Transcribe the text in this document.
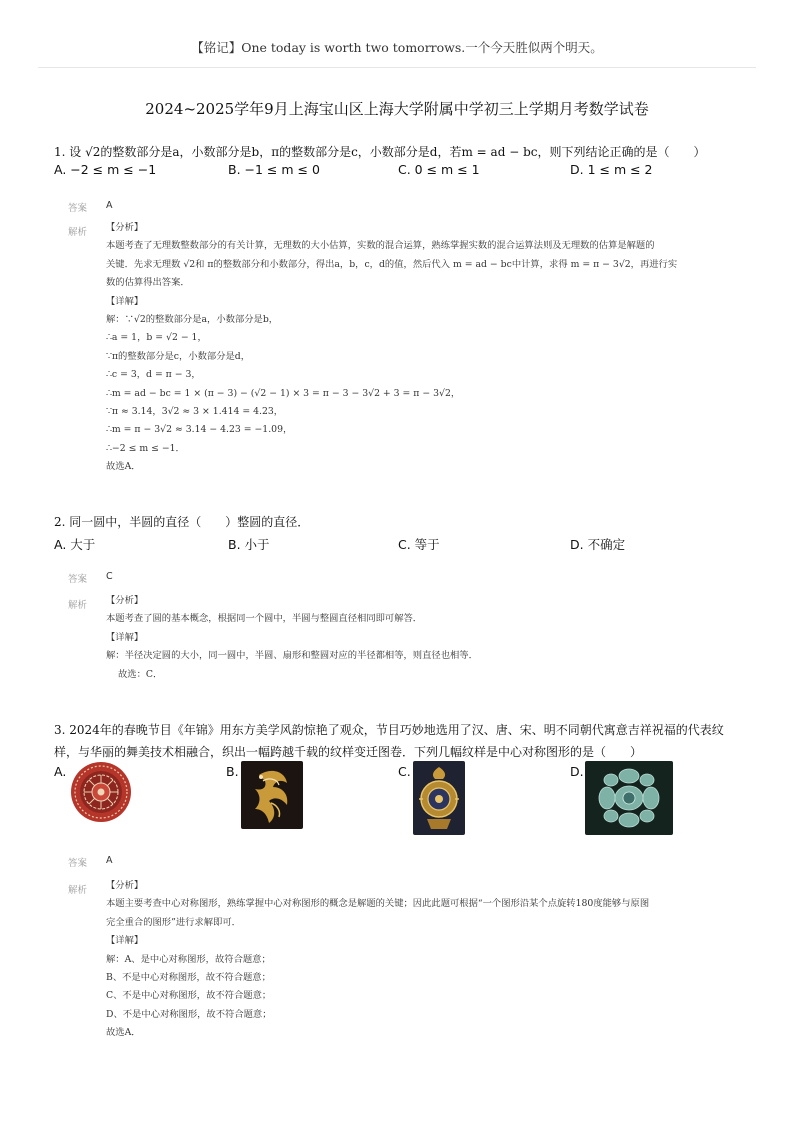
【铭记】One today is worth two tomorrows.一个今天胜似两个明天。
2024~2025学年9月上海宝山区上海大学附属中学初三上学期月考数学试卷
1. 设 √2的整数部分是a，小数部分是b，π的整数部分是c，小数部分是d，若m = ad − bc，则下列结论正确的是（　　）
A. −2 ≤ m ≤ −1	B. −1 ≤ m ≤ 0	C. 0 ≤ m ≤ 1	D. 1 ≤ m ≤ 2
答案 A
解析 【分析】
本题考查了无理数整数部分的有关计算，无理数的大小估算，实数的混合运算，熟练掌握实数的混合运算法则及无理数的估算是解题的
关键．先求无理数 √2和 π的整数部分和小数部分，得出a，b，c，d的值，然后代入 m = ad − bc中计算，求得 m = π − 3√2，再进行实
数的估算得出答案．
【详解】
解：∵√2的整数部分是a，小数部分是b，
∴a = 1，b = √2 − 1，
∵π的整数部分是c，小数部分是d，
∴c = 3，d = π − 3，
∴m = ad − bc = 1 × (π − 3) − (√2 − 1) × 3 = π − 3 − 3√2 + 3 = π − 3√2，
∵π ≈ 3.14，3√2 ≈ 3 × 1.414 = 4.23，
∴m = π − 3√2 ≈ 3.14 − 4.23 = −1.09，
∴−2 ≤ m ≤ −1．
故选A．
2. 同一圆中，半圆的直径（　　）整圆的直径．
A. 大于	B. 小于	C. 等于	D. 不确定
答案 C
解析 【分析】
本题考查了圆的基本概念，根据同一个圆中，半圆与整圆直径相同即可解答．
【详解】
解：半径决定圆的大小，同一圆中，半圆、扇形和整圆对应的半径都相等，则直径也相等．
故选：C．
3. 2024年的春晚节目《年锦》用东方美学风韵惊艳了观众，节目巧妙地选用了汉、唐、宋、明不同朝代寓意吉祥祝福的代表纹
样，与华丽的舞美技术相融合，织出一幅跨越千载的纹样变迁图卷．下列几幅纹样是中心对称图形的是（　　）
A.	B.	C.	D.
答案 A
解析 【分析】
本题主要考查中心对称图形，熟练掌握中心对称图形的概念是解题的关键；因此此题可根据“一个图形沿某个点旋转180度能够与原图
完全重合的图形”进行求解即可．
【详解】
解：A、是中心对称图形，故符合题意；
B、不是中心对称图形，故不符合题意；
C、不是中心对称图形，故不符合题意；
D、不是中心对称图形，故不符合题意；
故选A．
